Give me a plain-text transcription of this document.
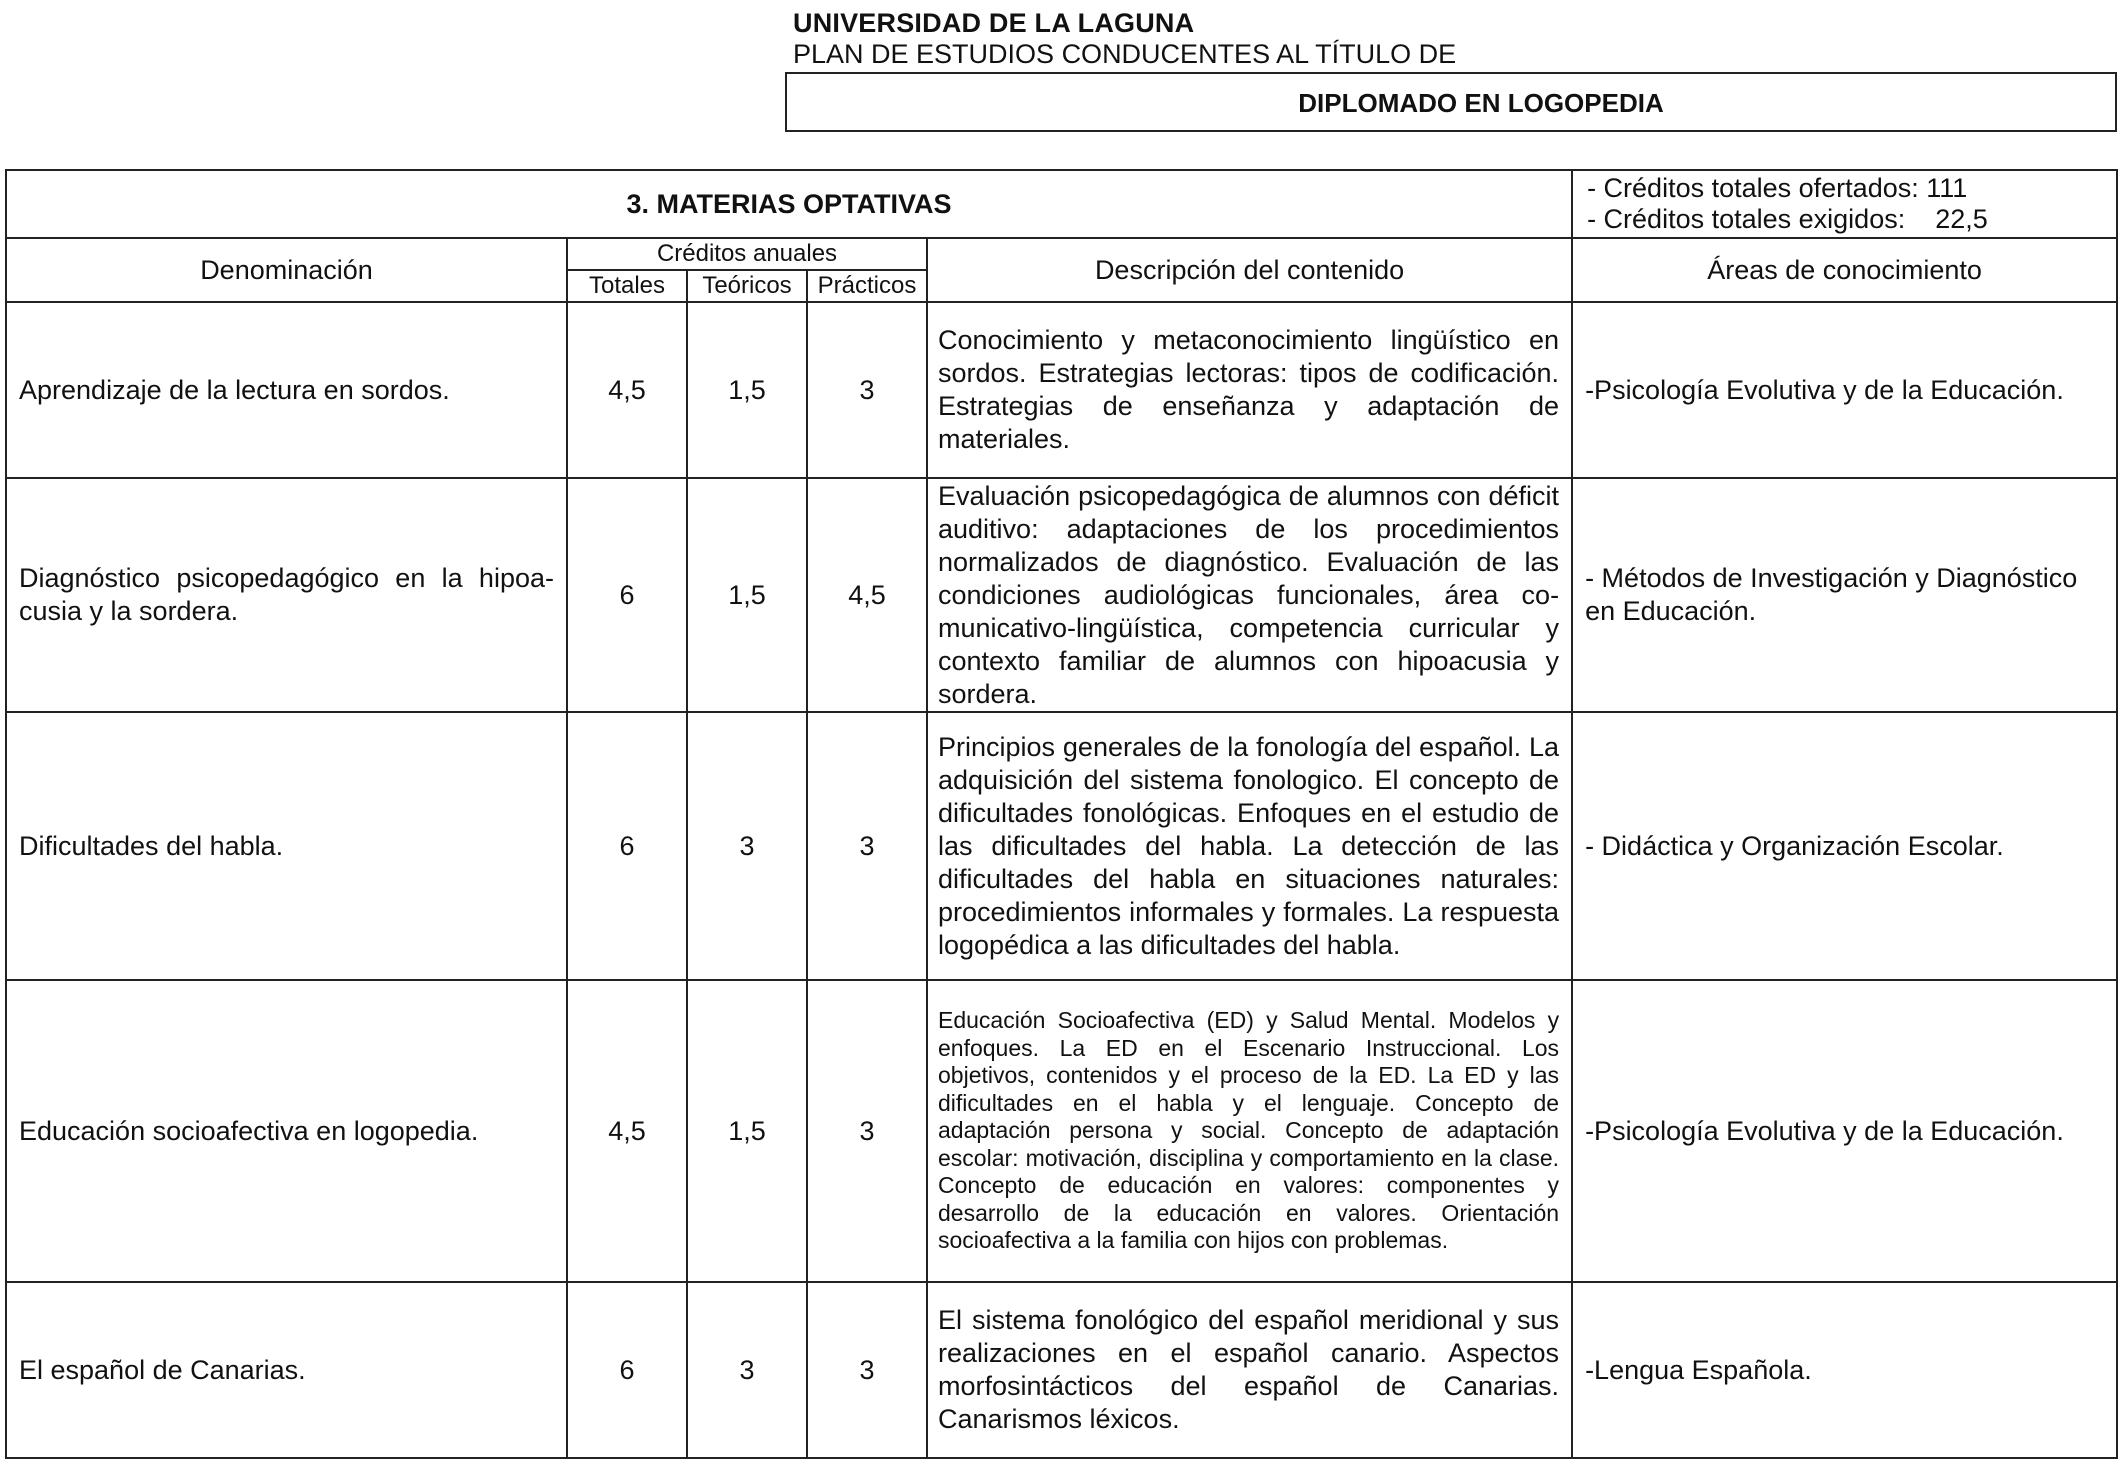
UNIVERSIDAD DE LA LAGUNA
PLAN DE ESTUDIOS CONDUCENTES AL TÍTULO DE
DIPLOMADO EN LOGOPEDIA
3. MATERIAS OPTATIVAS					- Créditos totales ofertados: 111
- Créditos totales exigidos:    22,5

Denominación	Créditos anuales			Descripción del contenido	Áreas de conocimiento
	Totales	Teóricos	Prácticos		
Aprendizaje de la lectura en sordos.	4,5	1,5	3	Conocimiento y metaconocimiento lingüístico en sordos. Estrategias lectoras: tipos de codificación. Estrategias de enseñanza y adaptación de materiales.	-Psicología Evolutiva y de la Educación.
Diagnóstico psicopedagógico en la hipoacusia y la sordera.	6	1,5	4,5	Evaluación psicopedagógica de alumnos con déficit auditivo: adaptaciones de los procedimientos normalizados de diagnóstico. Evaluación de las condiciones audiológicas funcionales, área comunicativo-lingüística, competencia curricular y contexto familiar de alumnos con hipoacusia y sordera.	- Métodos de Investigación y Diagnóstico en Educación.
Dificultades del habla.	6	3	3	Principios generales de la fonología del español. La adquisición del sistema fonologico. El concepto de dificultades fonológicas. Enfoques en el estudio de las dificultades del habla. La detección de las dificultades del habla en situaciones naturales: procedimientos informales y formales. La respuesta logopédica a las dificultades del habla.	- Didáctica y Organización Escolar.
Educación socioafectiva en logopedia.	4,5	1,5	3	Educación Socioafectiva (ED) y Salud Mental. Modelos y enfoques. La ED en el Escenario Instruccional. Los objetivos, contenidos y el proceso de la ED. La ED y las dificultades en el habla y el lenguaje. Concepto de adaptación persona y social. Concepto de adaptación escolar: motivación, disciplina y comportamiento en la clase. Concepto de educación en valores: componentes y desarrollo de la educación en valores. Orientación socioafectiva a la familia con hijos con problemas.	-Psicología Evolutiva y de la Educación.
El español de Canarias.	6	3	3	El sistema fonológico del español meridional y sus realizaciones en el español canario. Aspectos morfosintácticos del español de Canarias. Canarismos léxicos.	-Lengua Española.
